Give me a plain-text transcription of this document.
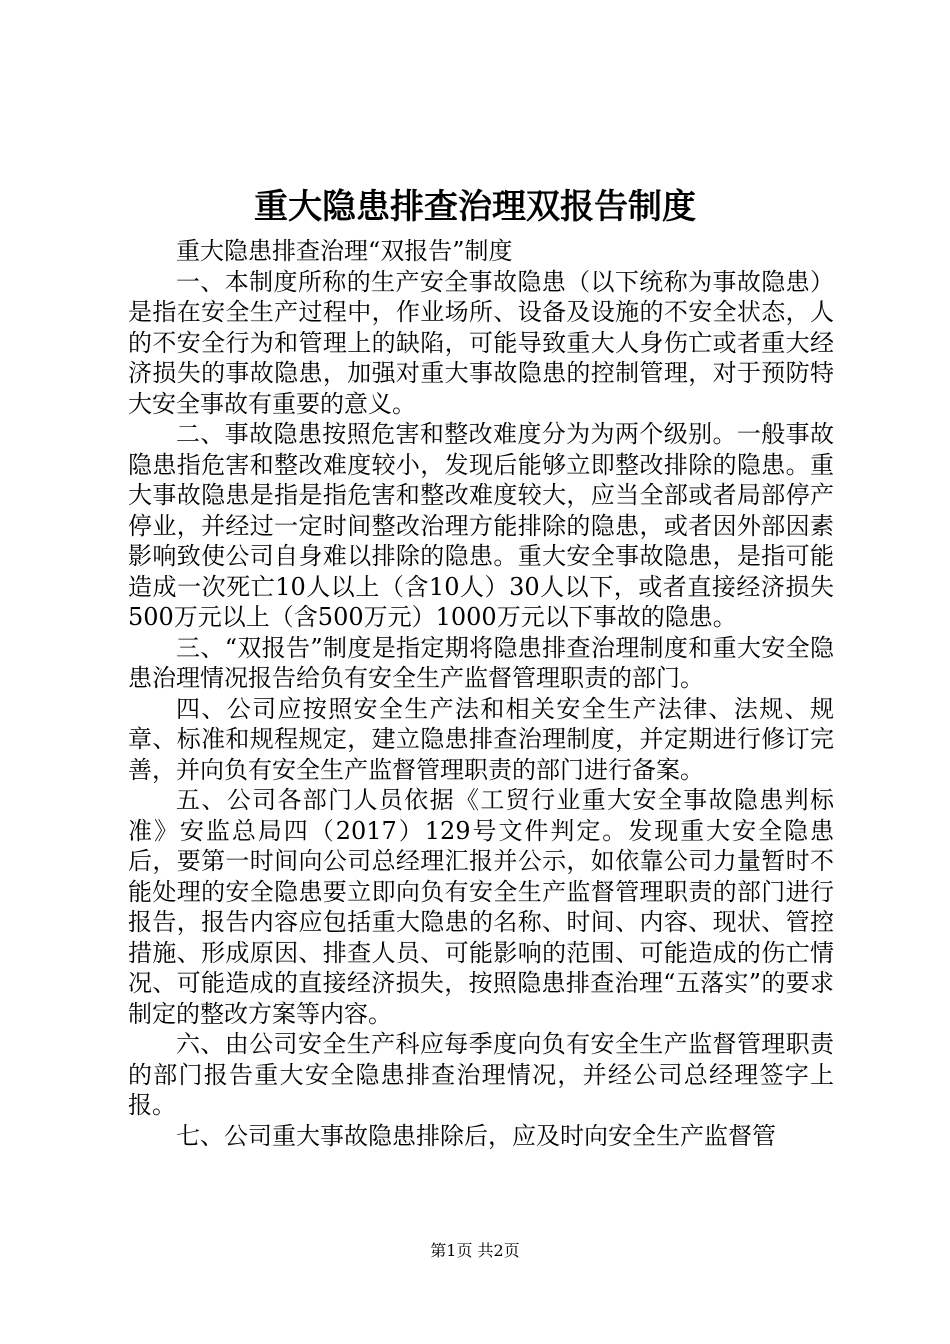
重大隐患排查治理双报告制度

重大隐患排查治理“双报告”制度

一、本制度所称的生产安全事故隐患（以下统称为事故隐患）是指在安全生产过程中，作业场所、设备及设施的不安全状态，人的不安全行为和管理上的缺陷，可能导致重大人身伤亡或者重大经济损失的事故隐患，加强对重大事故隐患的控制管理，对于预防特大安全事故有重要的意义。

二、事故隐患按照危害和整改难度分为为两个级别。一般事故隐患指危害和整改难度较小，发现后能够立即整改排除的隐患。重大事故隐患是指是指危害和整改难度较大，应当全部或者局部停产停业，并经过一定时间整改治理方能排除的隐患，或者因外部因素影响致使公司自身难以排除的隐患。重大安全事故隐患，是指可能造成一次死亡10人以上（含10人）30人以下，或者直接经济损失500万元以上（含500万元）1000万元以下事故的隐患。

三、“双报告”制度是指定期将隐患排查治理制度和重大安全隐患治理情况报告给负有安全生产监督管理职责的部门。

四、公司应按照安全生产法和相关安全生产法律、法规、规章、标准和规程规定，建立隐患排查治理制度，并定期进行修订完善，并向负有安全生产监督管理职责的部门进行备案。

五、公司各部门人员依据《工贸行业重大安全事故隐患判标准》安监总局四（2017）129号文件判定。发现重大安全隐患后，要第一时间向公司总经理汇报并公示，如依靠公司力量暂时不能处理的安全隐患要立即向负有安全生产监督管理职责的部门进行报告，报告内容应包括重大隐患的名称、时间、内容、现状、管控措施、形成原因、排查人员、可能影响的范围、可能造成的伤亡情况、可能造成的直接经济损失，按照隐患排查治理“五落实”的要求制定的整改方案等内容。

六、由公司安全生产科应每季度向负有安全生产监督管理职责的部门报告重大安全隐患排查治理情况，并经公司总经理签字上报。

七、公司重大事故隐患排除后，应及时向安全生产监督管

第1页 共2页
